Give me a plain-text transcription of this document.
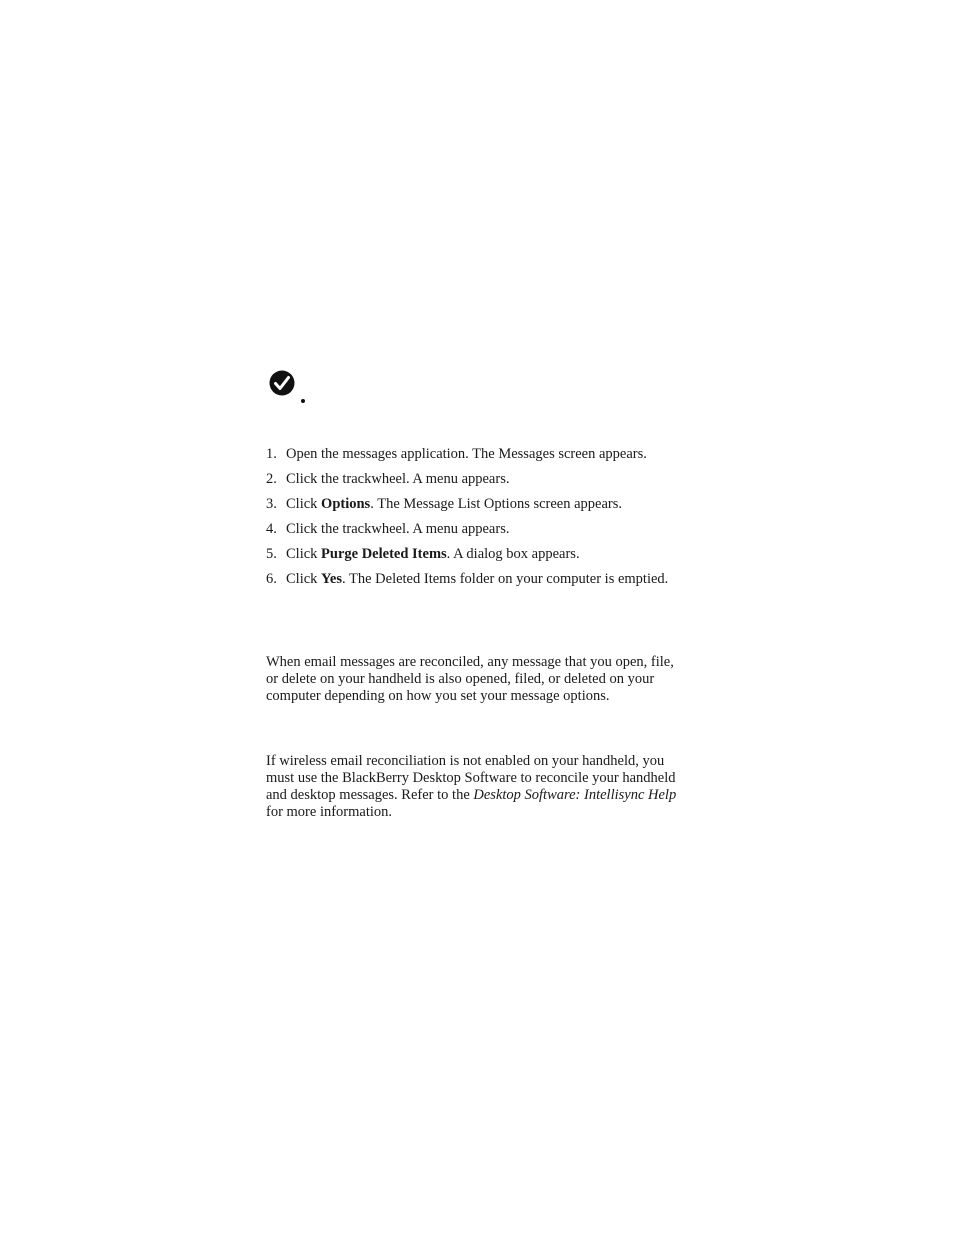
1. Open the messages application. The Messages screen appears.
2. Click the trackwheel. A menu appears.
3. Click Options. The Message List Options screen appears.
4. Click the trackwheel. A menu appears.
5. Click Purge Deleted Items. A dialog box appears.
6. Click Yes. The Deleted Items folder on your computer is emptied.

When email messages are reconciled, any message that you open, file, or delete on your handheld is also opened, filed, or deleted on your computer depending on how you set your message options.

If wireless email reconciliation is not enabled on your handheld, you must use the BlackBerry Desktop Software to reconcile your handheld and desktop messages. Refer to the Desktop Software: Intellisync Help for more information.
